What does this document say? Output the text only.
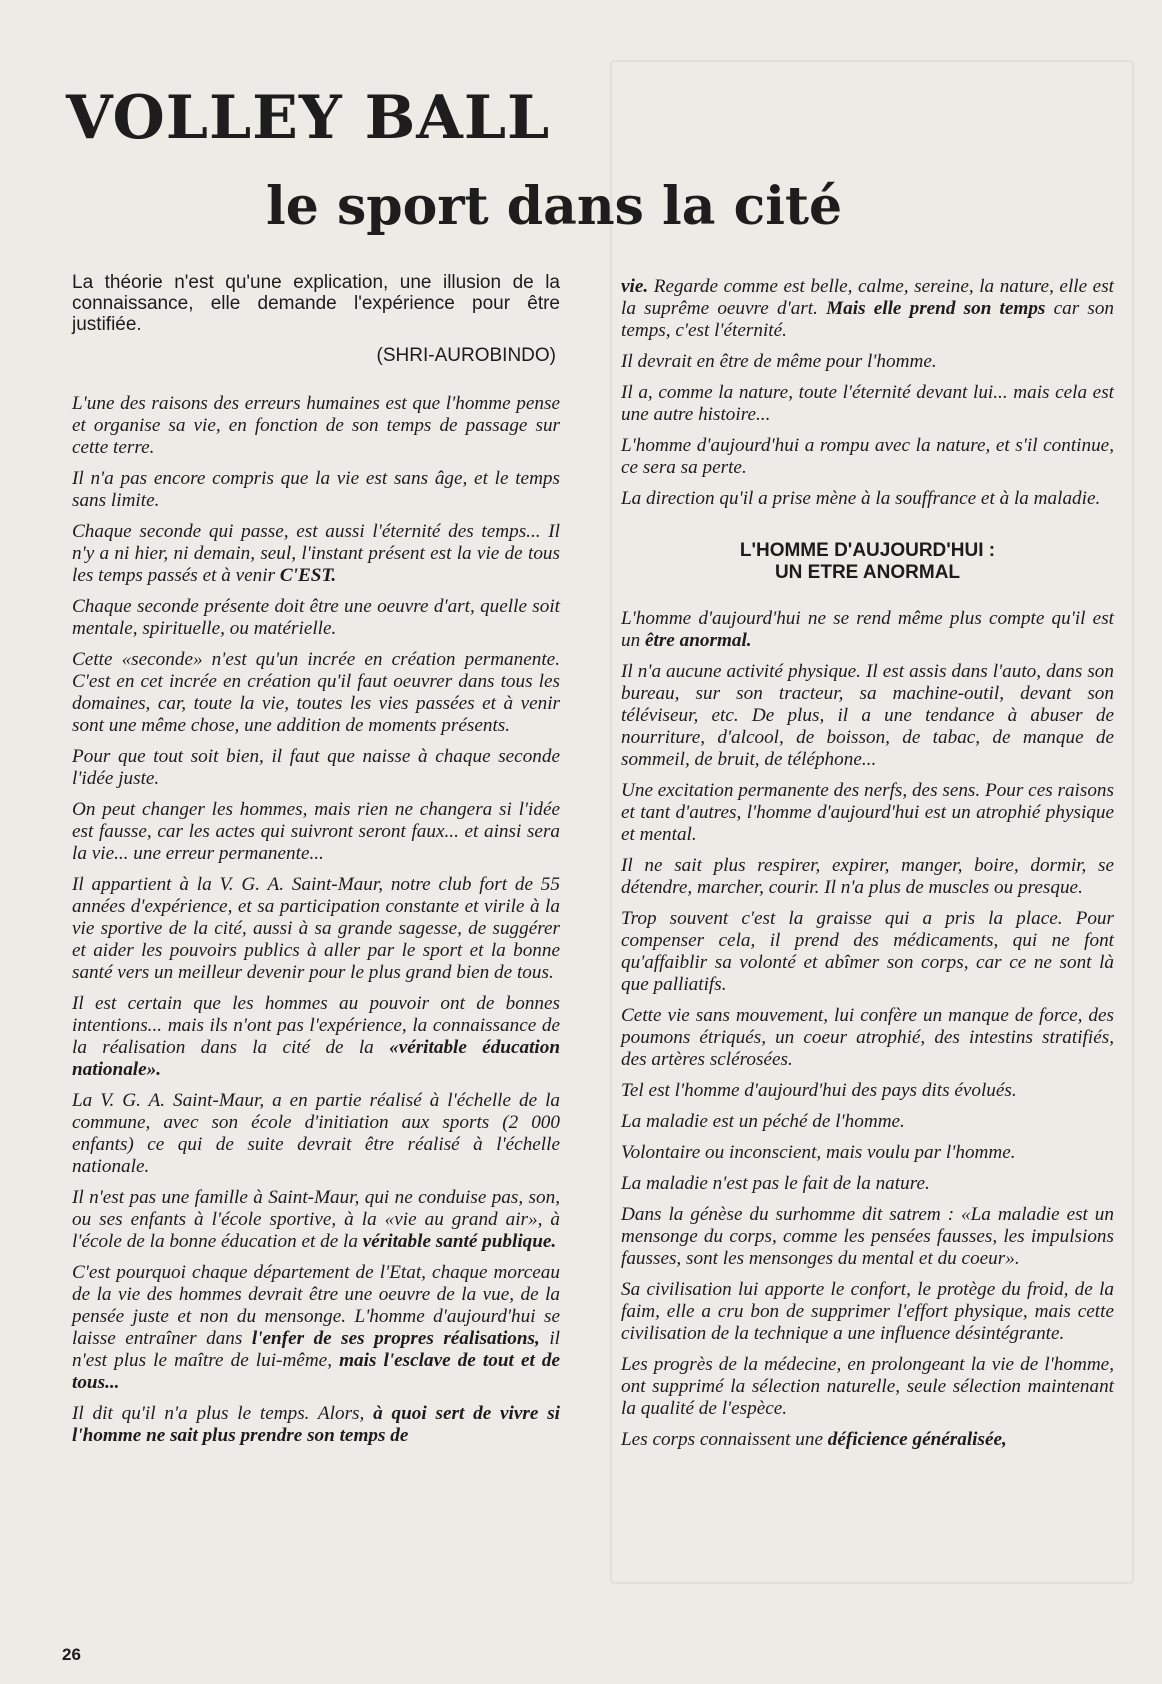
VOLLEY BALL
le sport dans la cité

La théorie n'est qu'une explication, une illusion de la connaissance, elle demande l'expérience pour être justifiée.

(SHRI-AUROBINDO)

L'une des raisons des erreurs humaines est que l'homme pense et organise sa vie, en fonction de son temps de passage sur cette terre.

Il n'a pas encore compris que la vie est sans âge, et le temps sans limite.

Chaque seconde qui passe, est aussi l'éternité des temps... Il n'y a ni hier, ni demain, seul, l'instant présent est la vie de tous les temps passés et à venir C'EST.

Chaque seconde présente doit être une oeuvre d'art, quelle soit mentale, spirituelle, ou matérielle.

Cette «seconde» n'est qu'un incrée en création permanente. C'est en cet incrée en création qu'il faut oeuvrer dans tous les domaines, car, toute la vie, toutes les vies passées et à venir sont une même chose, une addition de moments présents.

Pour que tout soit bien, il faut que naisse à chaque seconde l'idée juste.

On peut changer les hommes, mais rien ne changera si l'idée est fausse, car les actes qui suivront seront faux... et ainsi sera la vie... une erreur permanente...

Il appartient à la V. G. A. Saint-Maur, notre club fort de 55 années d'expérience, et sa participation constante et virile à la vie sportive de la cité, aussi à sa grande sagesse, de suggérer et aider les pouvoirs publics à aller par le sport et la bonne santé vers un meilleur devenir pour le plus grand bien de tous.

Il est certain que les hommes au pouvoir ont de bonnes intentions... mais ils n'ont pas l'expérience, la connaissance de la réalisation dans la cité de la «véritable éducation nationale».

La V. G. A. Saint-Maur, a en partie réalisé à l'échelle de la commune, avec son école d'initiation aux sports (2 000 enfants) ce qui de suite devrait être réalisé à l'échelle nationale.

Il n'est pas une famille à Saint-Maur, qui ne conduise pas, son, ou ses enfants à l'école sportive, à la «vie au grand air», à l'école de la bonne éducation et de la véritable santé publique.

C'est pourquoi chaque département de l'Etat, chaque morceau de la vie des hommes devrait être une oeuvre de la vue, de la pensée juste et non du mensonge. L'homme d'aujourd'hui se laisse entraîner dans l'enfer de ses propres réalisations, il n'est plus le maître de lui-même, mais l'esclave de tout et de tous...

Il dit qu'il n'a plus le temps. Alors, à quoi sert de vivre si l'homme ne sait plus prendre son temps de

vie. Regarde comme est belle, calme, sereine, la nature, elle est la suprême oeuvre d'art. Mais elle prend son temps car son temps, c'est l'éternité.

Il devrait en être de même pour l'homme.

Il a, comme la nature, toute l'éternité devant lui... mais cela est une autre histoire...

L'homme d'aujourd'hui a rompu avec la nature, et s'il continue, ce sera sa perte.

La direction qu'il a prise mène à la souffrance et à la maladie.

L'HOMME D'AUJOURD'HUI :
UN ETRE ANORMAL

L'homme d'aujourd'hui ne se rend même plus compte qu'il est un être anormal.

Il n'a aucune activité physique. Il est assis dans l'auto, dans son bureau, sur son tracteur, sa machine-outil, devant son téléviseur, etc. De plus, il a une tendance à abuser de nourriture, d'alcool, de boisson, de tabac, de manque de sommeil, de bruit, de téléphone...

Une excitation permanente des nerfs, des sens. Pour ces raisons et tant d'autres, l'homme d'aujourd'hui est un atrophié physique et mental.

Il ne sait plus respirer, expirer, manger, boire, dormir, se détendre, marcher, courir. Il n'a plus de muscles ou presque.

Trop souvent c'est la graisse qui a pris la place. Pour compenser cela, il prend des médicaments, qui ne font qu'affaiblir sa volonté et abîmer son corps, car ce ne sont là que palliatifs.

Cette vie sans mouvement, lui confère un manque de force, des poumons étriqués, un coeur atrophié, des intestins stratifiés, des artères sclérosées.

Tel est l'homme d'aujourd'hui des pays dits évolués.

La maladie est un péché de l'homme.

Volontaire ou inconscient, mais voulu par l'homme.

La maladie n'est pas le fait de la nature.

Dans la génèse du surhomme dit satrem : «La maladie est un mensonge du corps, comme les pensées fausses, les impulsions fausses, sont les mensonges du mental et du coeur».

Sa civilisation lui apporte le confort, le protège du froid, de la faim, elle a cru bon de supprimer l'effort physique, mais cette civilisation de la technique a une influence désintégrante.

Les progrès de la médecine, en prolongeant la vie de l'homme, ont supprimé la sélection naturelle, seule sélection maintenant la qualité de l'espèce.

Les corps connaissent une déficience généralisée,

26
